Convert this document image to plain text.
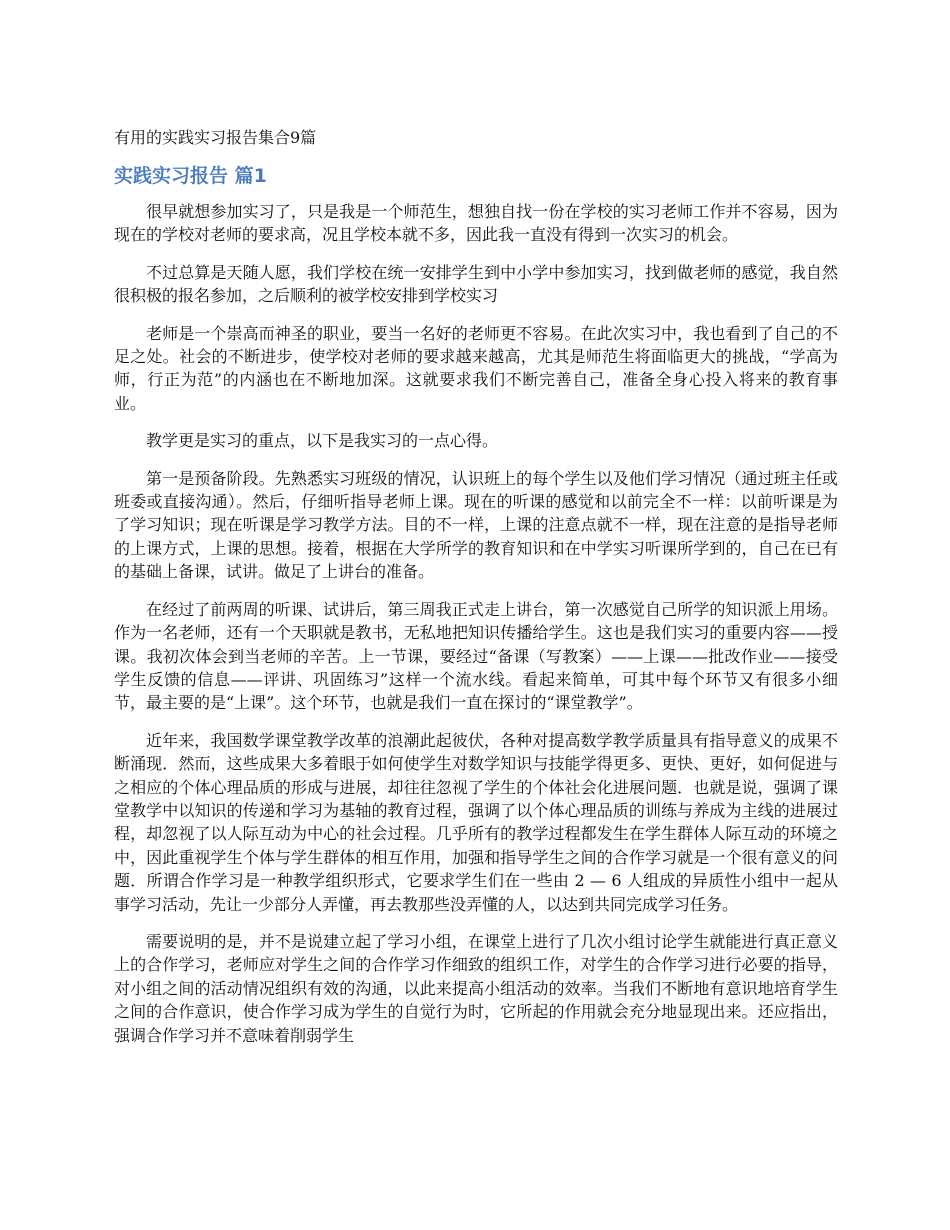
有用的实践实习报告集合9篇
实践实习报告 篇1

很早就想参加实习了，只是我是一个师范生，想独自找一份在学校的实习老师工作并不容易，因为现在的学校对老师的要求高，况且学校本就不多，因此我一直没有得到一次实习的机会。

不过总算是天随人愿，我们学校在统一安排学生到中小学中参加实习，找到做老师的感觉，我自然很积极的报名参加，之后顺利的被学校安排到学校实习

老师是一个崇高而神圣的职业，要当一名好的老师更不容易。在此次实习中，我也看到了自己的不足之处。社会的不断进步，使学校对老师的要求越来越高，尤其是师范生将面临更大的挑战，“学高为师，行正为范”的内涵也在不断地加深。这就要求我们不断完善自己，准备全身心投入将来的教育事业。

教学更是实习的重点，以下是我实习的一点心得。

第一是预备阶段。先熟悉实习班级的情况，认识班上的每个学生以及他们学习情况（通过班主任或班委或直接沟通）。然后，仔细听指导老师上课。现在的听课的感觉和以前完全不一样：以前听课是为了学习知识；现在听课是学习教学方法。目的不一样，上课的注意点就不一样，现在注意的是指导老师的上课方式，上课的思想。接着，根据在大学所学的教育知识和在中学实习听课所学到的，自己在已有的基础上备课，试讲。做足了上讲台的准备。

在经过了前两周的听课、试讲后，第三周我正式走上讲台，第一次感觉自己所学的知识派上用场。作为一名老师，还有一个天职就是教书，无私地把知识传播给学生。这也是我们实习的重要内容——授课。我初次体会到当老师的辛苦。上一节课，要经过“备课（写教案）——上课——批改作业——接受学生反馈的信息——评讲、巩固练习”这样一个流水线。看起来简单，可其中每个环节又有很多小细节，最主要的是“上课”。这个环节，也就是我们一直在探讨的“课堂教学”。

近年来，我国数学课堂教学改革的浪潮此起彼伏，各种对提高数学教学质量具有指导意义的成果不断涌现．然而，这些成果大多着眼于如何使学生对数学知识与技能学得更多、更快、更好，如何促进与之相应的个体心理品质的形成与进展，却往往忽视了学生的个体社会化进展问题．也就是说，强调了课堂教学中以知识的传递和学习为基轴的教育过程，强调了以个体心理品质的训练与养成为主线的进展过程，却忽视了以人际互动为中心的社会过程。几乎所有的教学过程都发生在学生群体人际互动的环境之中，因此重视学生个体与学生群体的相互作用，加强和指导学生之间的合作学习就是一个很有意义的问题．所谓合作学习是一种教学组织形式，它要求学生们在一些由 2 — 6 人组成的异质性小组中一起从事学习活动，先让一少部分人弄懂，再去教那些没弄懂的人，以达到共同完成学习任务。

需要说明的是，并不是说建立起了学习小组，在课堂上进行了几次小组讨论学生就能进行真正意义上的合作学习，老师应对学生之间的合作学习作细致的组织工作，对学生的合作学习进行必要的指导，对小组之间的活动情况组织有效的沟通，以此来提高小组活动的效率。当我们不断地有意识地培育学生之间的合作意识，使合作学习成为学生的自觉行为时，它所起的作用就会充分地显现出来。还应指出，强调合作学习并不意味着削弱学生
